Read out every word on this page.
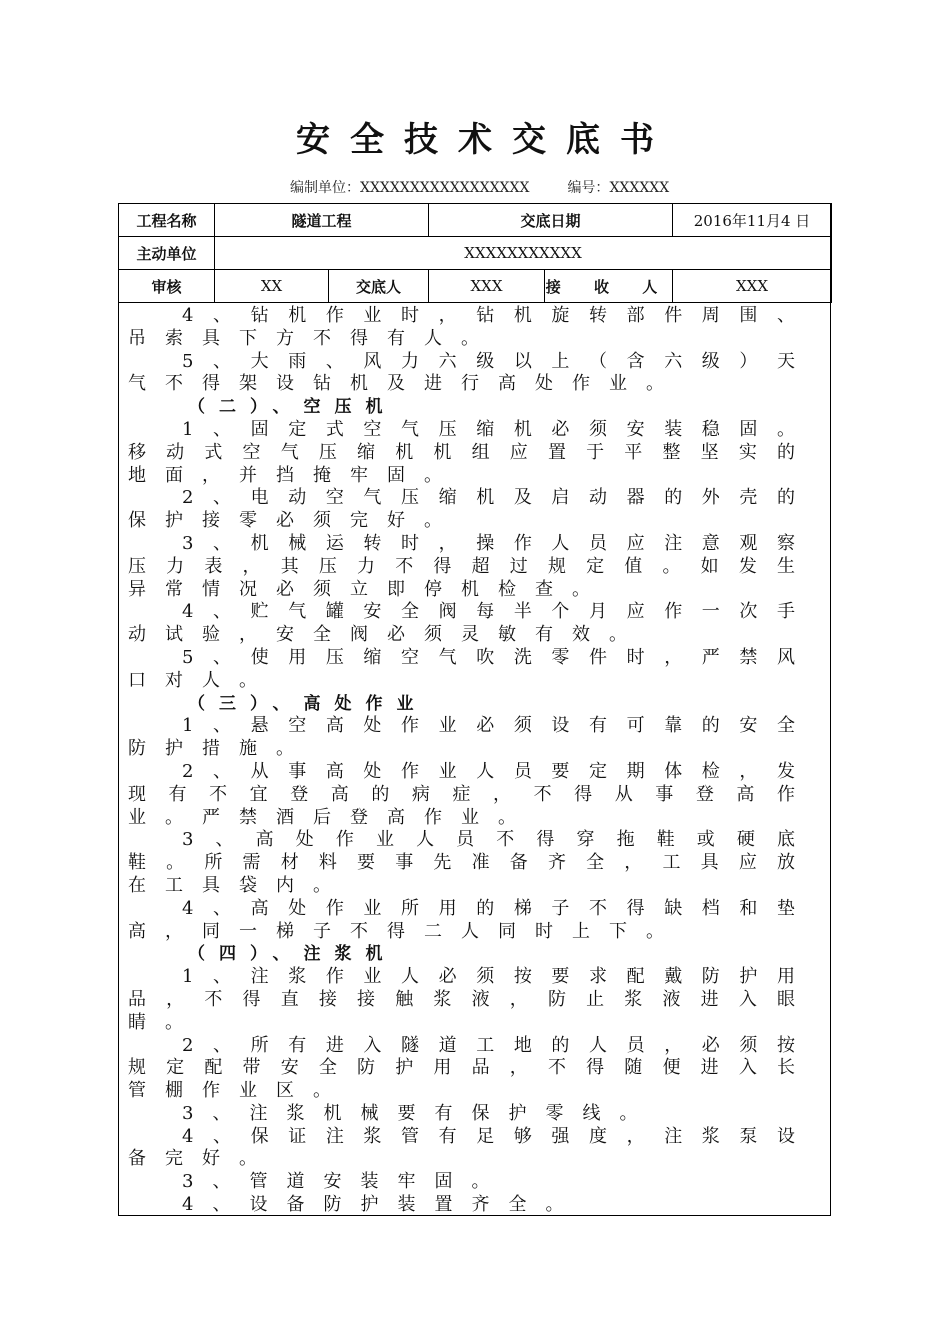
安全技术交底书
编制单位：XXXXXXXXXXXXXXXXX	编号：XXXXXX
工程名称	隧道工程		交底日期		2016年11月4 日
主动单位	XXXXXXXXXXX				
审核	XX	交底人	XXX	接 收 人	XXX

4、钻机作业时，钻机旋转部件周围、吊索具下方不得有人。

5、大雨、风力六级以上（含六级）天气不得架设钻机及进行高处作业。

（二）、空压机

1、固定式空气压缩机必须安装稳固。移动式空气压缩机机组应置于平整坚实的地面，并挡掩牢固。

2、电动空气压缩机及启动器的外壳的保护接零必须完好。

3、机械运转时，操作人员应注意观察压力表，其压力不得超过规定值。如发生异常情况必须立即停机检查。

4、贮气罐安全阀每半个月应作一次手动试验，安全阀必须灵敏有效。

5、使用压缩空气吹洗零件时，严禁风口对人。

（三）、高处作业

1、悬空高处作业必须设有可靠的安全防护措施。

2、从事高处作业人员要定期体检，发现有不宜登高的病症，不得从事登高作业。严禁酒后登高作业。

3、高处作业人员不得穿拖鞋或硬底鞋。所需材料要事先准备齐全，工具应放在工具袋内。

4、高处作业所用的梯子不得缺档和垫高，同一梯子不得二人同时上下。

（四）、注浆机

1、注浆作业人必须按要求配戴防护用品，不得直接接触浆液，防止浆液进入眼睛。

2、所有进入隧道工地的人员，必须按规定配带安全防护用品，不得随便进入长管棚作业区。

3、注浆机械要有保护零线。

4、保证注浆管有足够强度，注浆泵设备完好。

3、管道安装牢固。

4、设备防护装置齐全。
